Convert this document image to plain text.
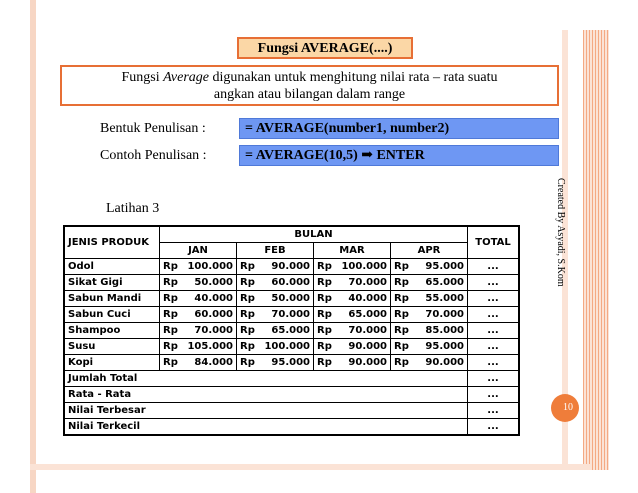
Fungsi AVERAGE(....)
Fungsi Average digunakan untuk menghitung nilai rata – rata suatu
angkan atau bilangan dalam range
Bentuk Penulisan :	= AVERAGE(number1, number2)
Contoh Penulisan :	= AVERAGE(10,5) ➡ ENTER
Created By Asyadi, S.Kom
10
Latihan 3
JENIS PRODUK	BULAN								TOTAL
	JAN		FEB		MAR		APR		
Odol	Rp	100.000	Rp	90.000	Rp	100.000	Rp	95.000	...
Sikat Gigi	Rp	50.000	Rp	60.000	Rp	70.000	Rp	65.000	...
Sabun Mandi	Rp	40.000	Rp	50.000	Rp	40.000	Rp	55.000	...
Sabun Cuci	Rp	60.000	Rp	70.000	Rp	65.000	Rp	70.000	...
Shampoo	Rp	70.000	Rp	65.000	Rp	70.000	Rp	85.000	...
Susu	Rp	105.000	Rp	100.000	Rp	90.000	Rp	95.000	...
Kopi	Rp	84.000	Rp	95.000	Rp	90.000	Rp	90.000	...
Jumlah Total									...
Rata - Rata									...
Nilai Terbesar									...
Nilai Terkecil									...
